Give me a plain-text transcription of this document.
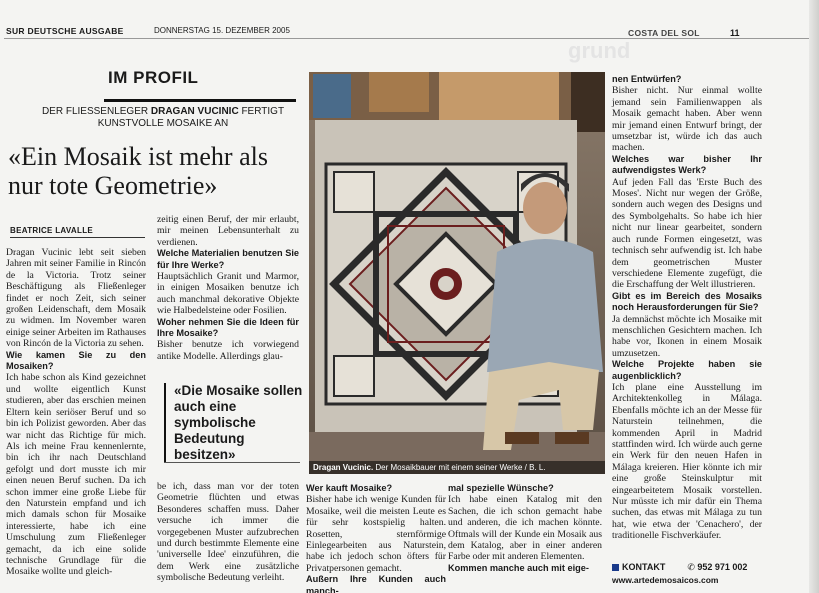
SUR DEUTSCHE AUSGABE	DONNERSTAG 15. DEZEMBER 2005	COSTA DEL SOL	11
grund
IM PROFIL
DER FLIESSENLEGER DRAGAN VUCINIC FERTIGT KUNSTVOLLE MOSAIKE AN
«Ein Mosaik ist mehr als nur tote Geometrie»
BEATRICE LAVALLE

Dragan Vucinic lebt seit sieben Jahren mit seiner Familie in Rincón de la Victoria. Trotz seiner Beschäftigung als Fließenleger findet er noch Zeit, sich seiner großen Leidenschaft, dem Mosaik zu widmen. Im November waren einige seiner Arbeiten im Rathauses von Rincón de la Victoria zu sehen.

Wie kamen Sie zu den Mosaiken?

Ich habe schon als Kind gezeichnet und wollte eigentlich Kunst studieren, aber das erschien meinen Eltern kein seriöser Beruf und so bin ich Polizist geworden. Aber das war nicht das Richtige für mich. Als ich meine Frau kennenlernte, bin ich ihr nach Deutschland gefolgt und dort musste ich mir einen neuen Beruf suchen. Da ich schon immer eine große Liebe für den Naturstein empfand und ich mich damals schon für Mosaike interessierte, habe ich eine Umschulung zum Fließenleger gemacht, da ich eine solide technische Grundlage für die Mosaike wollte und gleich-

zeitig einen Beruf, der mir erlaubt, mir meinen Lebensunterhalt zu verdienen.

Welche Materialien benutzen Sie für Ihre Werke?

Hauptsächlich Granit und Marmor, in einigen Mosaiken benutze ich auch manchmal dekorative Objekte wie Halbedelsteine oder Fosilien.

Woher nehmen Sie die Ideen für Ihre Mosaike?

Bisher benutze ich vorwiegend antike Modelle. Allerdings glau-

«Die Mosaike sollen auch eine symbolische Bedeutung besitzen»

be ich, dass man vor der toten Geometrie flüchten und etwas Besonderes schaffen muss. Daher versuche ich immer die vorgegebenen Muster aufzubrechen und durch bestimmte Elemente eine 'universelle Idee' einzuführen, die dem Werk eine zusätzliche symbolische Bedeutung verleiht.

Dragan Vucinic. Der Mosaikbauer mit einem seiner Werke / B. L.
Wer kauft Mosaike?

Bisher habe ich wenige Kunden für Mosaike, weil die meisten Leute es für sehr kostspielig halten. Rosetten, sternförmige Einlegearbeiten aus Naturstein, habe ich jedoch schon öfters für Privatpersonen gemacht.

Außern Ihre Kunden auch manch-
mal spezielle Wünsche?

Ich habe einen Katalog mit den Sachen, die ich schon gemacht habe und anderen, die ich machen könnte. Oftmals will der Kunde ein Mosaik aus dem Katalog, aber in einer anderen Farbe oder mit anderen Elementen.

Kommen manche auch mit eige-
nen Entwürfen?

Bisher nicht. Nur einmal wollte jemand sein Familienwappen als Mosaik gemacht haben. Aber wenn mir jemand einen Entwurf bringt, der umsetzbar ist, würde ich das auch machen.

Welches war bisher Ihr aufwendigstes Werk?

Auf jeden Fall das 'Erste Buch des Moses'. Nicht nur wegen der Größe, sondern auch wegen des Designs und des Symbolgehalts. So habe ich hier nicht nur linear gearbeitet, sondern auch runde Formen eingesetzt, was technisch sehr aufwendig ist. Ich habe dem geometrischen Muster verschiedene Elemente zugefügt, die die Erschaffung der Welt illustrieren.

Gibt es im Bereich des Mosaiks noch Herausforderungen für Sie?

Ja demnächst möchte ich Mosaike mit menschlichen Gesichtern machen. Ich habe vor, Ikonen in einem Mosaik umzusetzen.

Welche Projekte haben sie augenblicklich?

Ich plane eine Ausstellung im Architektenkolleg in Málaga. Ebenfalls möchte ich an der Messe für Naturstein teilnehmen, die kommenden April in Madrid stattfinden wird. Ich würde auch gerne ein Werk für den neuen Hafen in Málaga kreieren. Hier könnte ich mir eine große Steinskulptur mit eingearbeitetem Mosaik vorstellen. Nur müsste ich mir dafür ein Thema suchen, das etwas mit Málaga zu tun hat, wie etwa der 'Cenachero', der traditionelle Fischverkäufer.

KONTAKT ✆ 952 971 002
www.artedemosaicos.com
